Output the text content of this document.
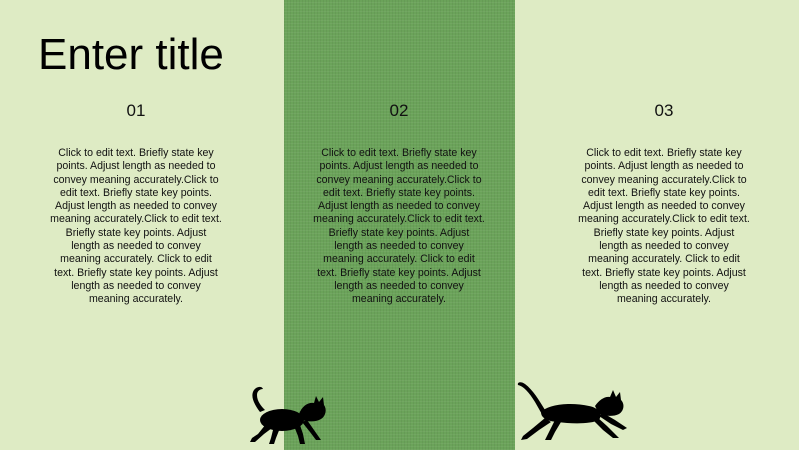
Enter title
01
Click to edit text. Briefly state key points. Adjust length as needed to convey meaning accurately.Click to edit text. Briefly state key points. Adjust length as needed to convey meaning accurately.Click to edit text. Briefly state key points. Adjust length as needed to convey meaning accurately. Click to edit text. Briefly state key points. Adjust length as needed to convey meaning accurately.
02
Click to edit text. Briefly state key points. Adjust length as needed to convey meaning accurately.Click to edit text. Briefly state key points. Adjust length as needed to convey meaning accurately.Click to edit text. Briefly state key points. Adjust length as needed to convey meaning accurately. Click to edit text. Briefly state key points. Adjust length as needed to convey meaning accurately.
03
Click to edit text. Briefly state key points. Adjust length as needed to convey meaning accurately.Click to edit text. Briefly state key points. Adjust length as needed to convey meaning accurately.Click to edit text. Briefly state key points. Adjust length as needed to convey meaning accurately. Click to edit text. Briefly state key points. Adjust length as needed to convey meaning accurately.
